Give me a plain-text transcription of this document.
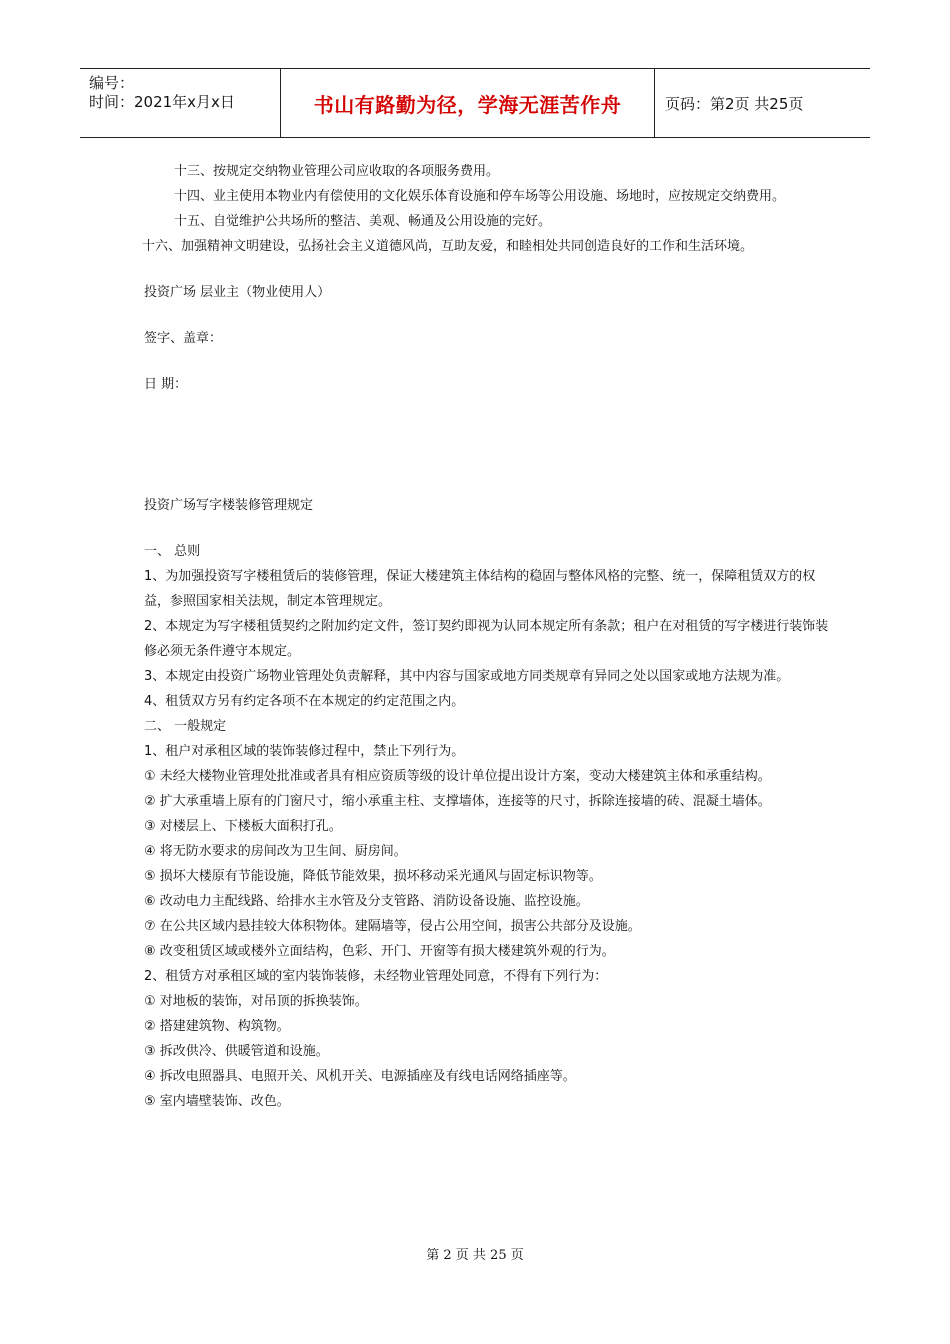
编号：
时间：2021年x月x日	书山有路勤为径，学海无涯苦作舟	页码：第2页 共25页

十三、按规定交纳物业管理公司应收取的各项服务费用。

十四、业主使用本物业内有偿使用的文化娱乐体育设施和停车场等公用设施、场地时，应按规定交纳费用。

十五、自觉维护公共场所的整洁、美观、畅通及公用设施的完好。

十六、加强精神文明建设，弘扬社会主义道德风尚，互助友爱，和睦相处共同创造良好的工作和生活环境。

投资广场 层业主（物业使用人）

签字、盖章：

日 期：

投资广场写字楼装修管理规定

一、 总则

1、为加强投资写字楼租赁后的装修管理，保证大楼建筑主体结构的稳固与整体风格的完整、统一，保障租赁双方的权益，参照国家相关法规，制定本管理规定。

2、本规定为写字楼租赁契约之附加约定文件，签订契约即视为认同本规定所有条款；租户在对租赁的写字楼进行装饰装修必须无条件遵守本规定。

3、本规定由投资广场物业管理处负责解释，其中内容与国家或地方同类规章有异同之处以国家或地方法规为准。

4、租赁双方另有约定各项不在本规定的约定范围之内。

二、 一般规定

1、租户对承租区域的装饰装修过程中，禁止下列行为。

① 未经大楼物业管理处批准或者具有相应资质等级的设计单位提出设计方案，变动大楼建筑主体和承重结构。

② 扩大承重墙上原有的门窗尺寸，缩小承重主柱、支撑墙体，连接等的尺寸，拆除连接墙的砖、混凝土墙体。

③ 对楼层上、下楼板大面积打孔。

④ 将无防水要求的房间改为卫生间、厨房间。

⑤ 损坏大楼原有节能设施，降低节能效果，损坏移动采光通风与固定标识物等。

⑥ 改动电力主配线路、给排水主水管及分支管路、消防设备设施、监控设施。

⑦ 在公共区域内悬挂较大体积物体。建隔墙等，侵占公用空间，损害公共部分及设施。

⑧ 改变租赁区域或楼外立面结构，色彩、开门、开窗等有损大楼建筑外观的行为。

2、租赁方对承租区域的室内装饰装修，未经物业管理处同意，不得有下列行为：

① 对地板的装饰，对吊顶的拆换装饰。

② 搭建建筑物、构筑物。

③ 拆改供冷、供暖管道和设施。

④ 拆改电照器具、电照开关、风机开关、电源插座及有线电话网络插座等。

⑤ 室内墙壁装饰、改色。

第 2 页 共 25 页
